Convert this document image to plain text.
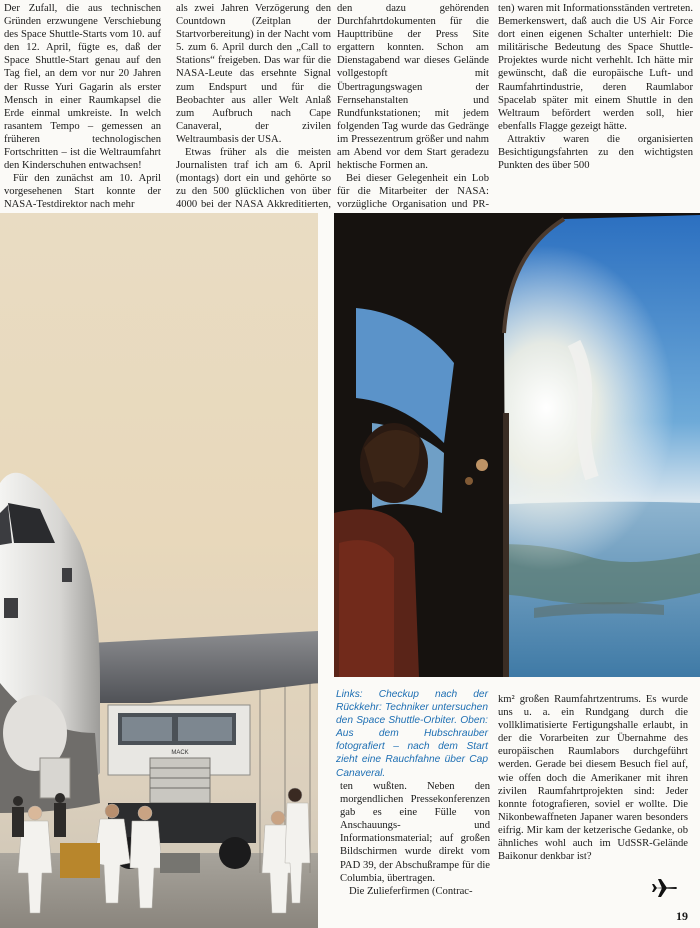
Der Zufall, die aus technischen Gründen erzwungene Verschiebung des Space Shuttle-Starts vom 10. auf den 12. April, fügte es, daß der Space Shuttle-Start genau auf den Tag fiel, an dem vor nur 20 Jahren der Russe Yuri Gagarin als erster Mensch in einer Raumkapsel die Erde einmal umkreiste. In welch rasantem Tempo – gemessen an früheren technologischen Fortschritten – ist die Weltraumfahrt den Kinderschuhen entwachsen!

Für den zunächst am 10. April vorgesehenen Start konnte der NASA-Testdirektor nach mehr

als zwei Jahren Verzögerung den Countdown (Zeitplan der Startvorbereitung) in der Nacht vom 5. zum 6. April durch den „Call to Stations“ freigeben. Das war für die NASA-Leute das ersehnte Signal zum Endspurt und für die Beobachter aus aller Welt Anlaß zum Aufbruch nach Cape Canaveral, der zivilen Weltraumbasis der USA.

Etwas früher als die meisten Journalisten traf ich am 6. April (montags) dort ein und gehörte so zu den 500 glücklichen von über 4000 bei der NASA Akkreditierten,

den dazu gehörenden Durchfahrtdokumenten für die Haupttribüne der Press Site ergattern konnten. Schon am Dienstagabend war dieses Gelände vollgestopft mit Übertragungswagen der Fernsehanstalten und Rundfunkstationen; mit jedem folgenden Tag wurde das Gedränge im Pressezentrum größer und nahm am Abend vor dem Start geradezu hektische Formen an.

Bei dieser Gelegenheit ein Lob für die Mitarbeiter der NASA: vorzügliche Organisation und PR-

ten) waren mit Informationsständen vertreten. Bemerkenswert, daß auch die US Air Force dort einen eigenen Schalter unterhielt: Die militärische Bedeutung des Space Shuttle-Projektes wurde nicht verhehlt. Ich hätte mir gewünscht, daß die europäische Luft- und Raumfahrtindustrie, deren Raumlabor Spacelab später mit einem Shuttle in den Weltraum befördert werden soll, hier ebenfalls Flagge gezeigt hätte.

Attraktiv waren die organisierten Besichtigungsfahrten zu den wichtigsten Punkten des über 500

MACK
Links: Checkup nach der Rückkehr: Techniker untersuchen den Space Shuttle-Orbiter. Oben: Aus dem Hubschrauber fotografiert – nach dem Start zieht eine Rauchfahne über Cap Canaveral.

ten wußten. Neben den morgendlichen Pressekonferenzen gab es eine Fülle von Anschauungs- und Informationsmaterial; auf großen Bildschirmen wurde direkt vom PAD 39, der Abschußrampe für die Columbia, übertragen.

Die Zulieferfirmen (Contrac-

km² großen Raumfahrtzentrums. Es wurde uns u. a. ein Rundgang durch die vollklimatisierte Fertigungshalle erlaubt, in der die Vorarbeiten zur Übernahme des europäischen Raumlabors durchgeführt werden. Gerade bei diesem Besuch fiel auf, wie offen doch die Amerikaner mit ihren zivilen Raumfahrtprojekten sind: Jeder konnte fotografieren, soviel er wollte. Die Nikonbewaffneten Japaner waren besonders eifrig. Mir kam der ketzerische Gedanke, ob ähnliches wohl auch im UdSSR-Gelände Baikonur denkbar ist?

19
